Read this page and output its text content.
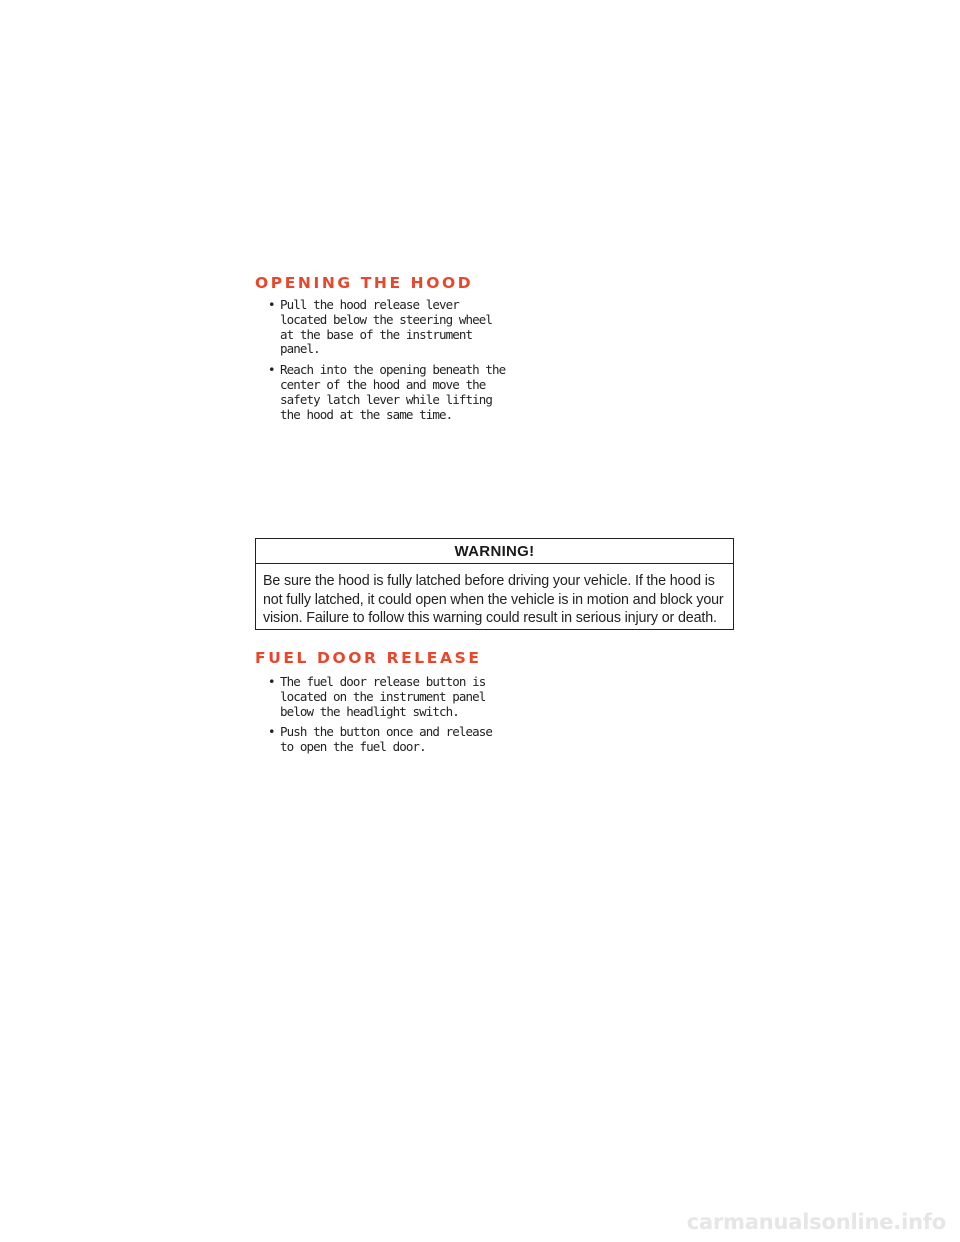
OPENING THE HOOD
• Pull the hood release lever located below the steering wheel at the base of the instrument panel.
• Reach into the opening beneath the center of the hood and move the safety latch lever while lifting the hood at the same time.
WARNING!

Be sure the hood is fully latched before driving your vehicle. If the hood is not fully latched, it could open when the vehicle is in motion and block your vision. Failure to follow this warning could result in serious injury or death.

FUEL DOOR RELEASE
• The fuel door release button is located on the instrument panel below the headlight switch.
• Push the button once and release to open the fuel door.
carmanualsonline.info
